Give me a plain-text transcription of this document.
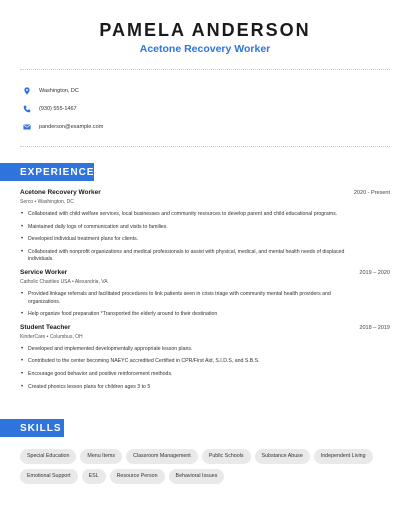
PAMELA ANDERSON
Acetone Recovery Worker
Washington, DC
(930) 555-1467
panderson@example.com
EXPERIENCE
Acetone Recovery Worker	2020 - Present
Serco • Washington, DC
• Collaborated with child welfare services, local businesses and community resources to develop parent and child educational programs.
• Maintained daily logs of communication and visits to families.
• Developed individual treatment plans for clients.
• Collaborated with nonprofit organizations and medical professionals to assist with physical, medical, and mental health needs of displaced individuals.
Service Worker	2019 – 2020
Catholic Charities USA • Alexandria, VA
• Provided linkage referrals and facilitated procedures to link patients seen in crisis triage with community mental health providers and organizations.
• Help organize food preparation *Transported the elderly around to their destination
Student Teacher	2018 – 2019
KinderCare • Columbus, OH
• Developed and implemented developmentally appropriate lesson plans.
• Contributed to the center becoming NAEYC accredited Certified in CPR/First Aid, S.I.D.S, and S.B.S.
• Encourage good behavior and positive reinforcement methods.
• Created phonics lesson plans for children ages 3 to 5
SKILLS
Special Education	Menu Items	Classroom Management	Public Schools	Substance Abuse	Independent Living
Emotional Support	ESL	Resource Person	Behavioral Issues
